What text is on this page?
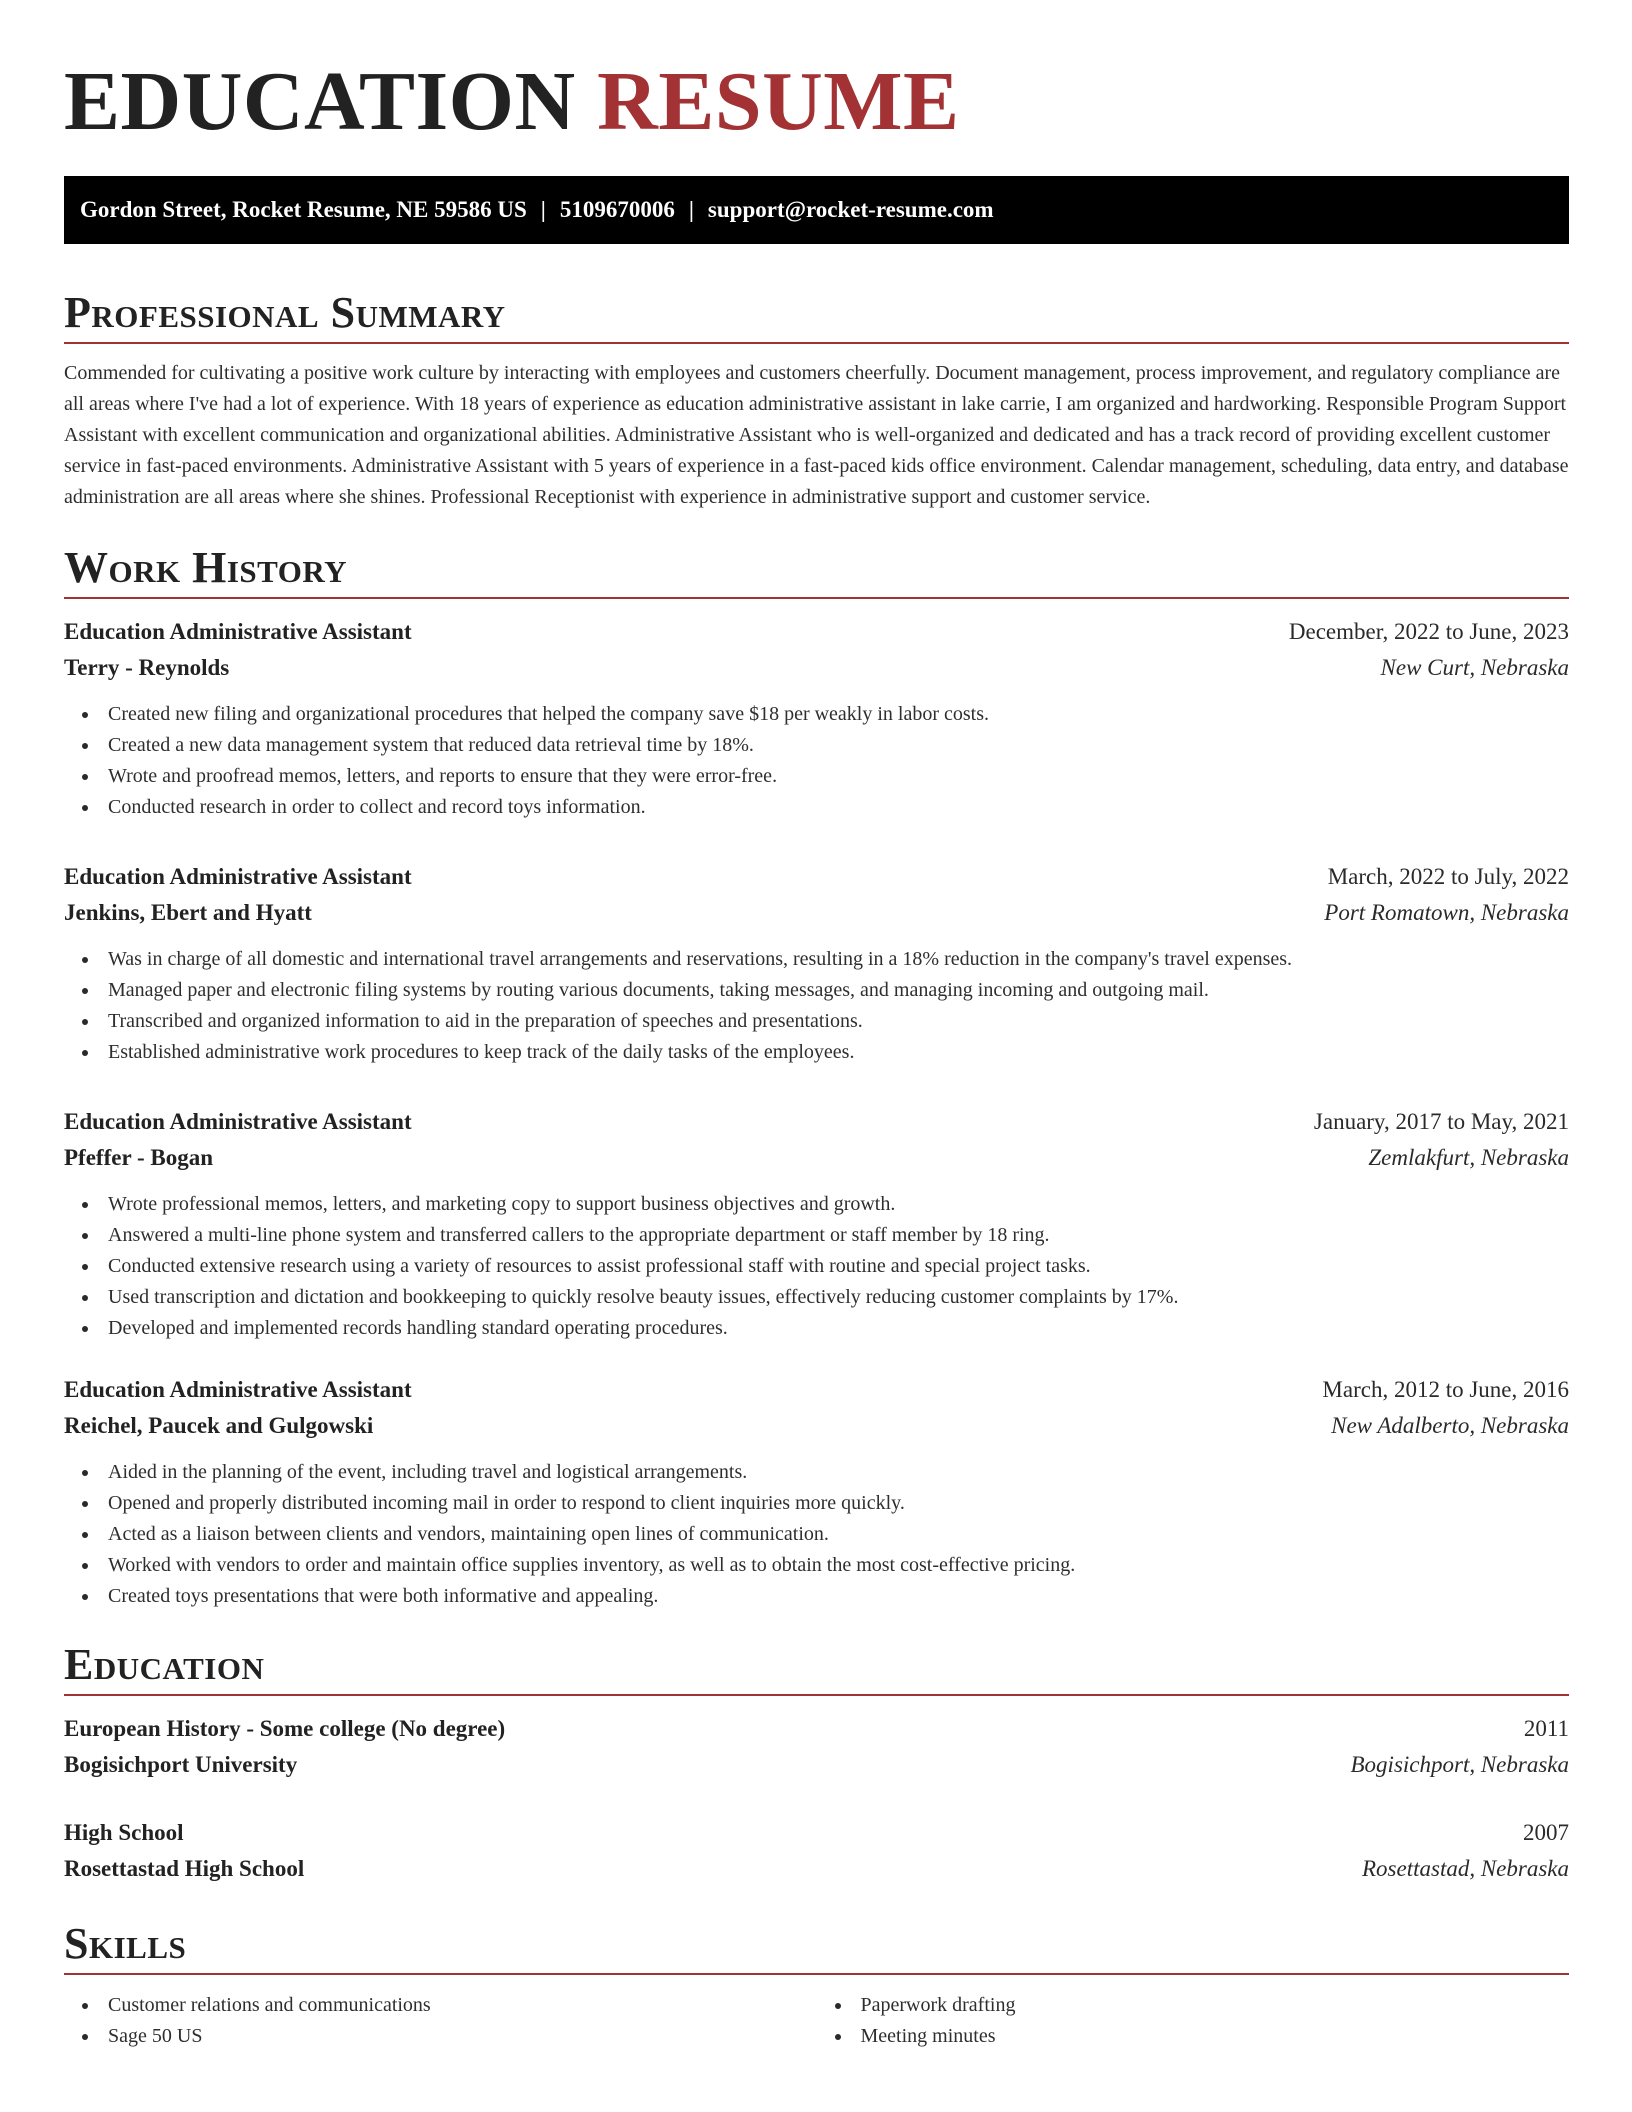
EDUCATION RESUME
Gordon Street, Rocket Resume, NE 59586 US | 5109670006 | support@rocket-resume.com
Professional Summary

Commended for cultivating a positive work culture by interacting with employees and customers cheerfully. Document management, process improvement, and regulatory compliance are all areas where I've had a lot of experience. With 18 years of experience as education administrative assistant in lake carrie, I am organized and hardworking. Responsible Program Support Assistant with excellent communication and organizational abilities. Administrative Assistant who is well-organized and dedicated and has a track record of providing excellent customer service in fast-paced environments. Administrative Assistant with 5 years of experience in a fast-paced kids office environment. Calendar management, scheduling, data entry, and database administration are all areas where she shines. Professional Receptionist with experience in administrative support and customer service.

Work History
Education Administrative Assistant	December, 2022 to June, 2023
Terry - Reynolds	New Curt, Nebraska
Created new filing and organizational procedures that helped the company save $18 per weakly in labor costs.
Created a new data management system that reduced data retrieval time by 18%.
Wrote and proofread memos, letters, and reports to ensure that they were error-free.
Conducted research in order to collect and record toys information.
Education Administrative Assistant	March, 2022 to July, 2022
Jenkins, Ebert and Hyatt	Port Romatown, Nebraska
Was in charge of all domestic and international travel arrangements and reservations, resulting in a 18% reduction in the company's travel expenses.
Managed paper and electronic filing systems by routing various documents, taking messages, and managing incoming and outgoing mail.
Transcribed and organized information to aid in the preparation of speeches and presentations.
Established administrative work procedures to keep track of the daily tasks of the employees.
Education Administrative Assistant	January, 2017 to May, 2021
Pfeffer - Bogan	Zemlakfurt, Nebraska
Wrote professional memos, letters, and marketing copy to support business objectives and growth.
Answered a multi-line phone system and transferred callers to the appropriate department or staff member by 18 ring.
Conducted extensive research using a variety of resources to assist professional staff with routine and special project tasks.
Used transcription and dictation and bookkeeping to quickly resolve beauty issues, effectively reducing customer complaints by 17%.
Developed and implemented records handling standard operating procedures.
Education Administrative Assistant	March, 2012 to June, 2016
Reichel, Paucek and Gulgowski	New Adalberto, Nebraska
Aided in the planning of the event, including travel and logistical arrangements.
Opened and properly distributed incoming mail in order to respond to client inquiries more quickly.
Acted as a liaison between clients and vendors, maintaining open lines of communication.
Worked with vendors to order and maintain office supplies inventory, as well as to obtain the most cost-effective pricing.
Created toys presentations that were both informative and appealing.
Education
European History - Some college (No degree)	2011
Bogisichport University	Bogisichport, Nebraska
High School	2007
Rosettastad High School	Rosettastad, Nebraska
Skills
Customer relations and communications
Sage 50 US
Paperwork drafting
Meeting minutes
